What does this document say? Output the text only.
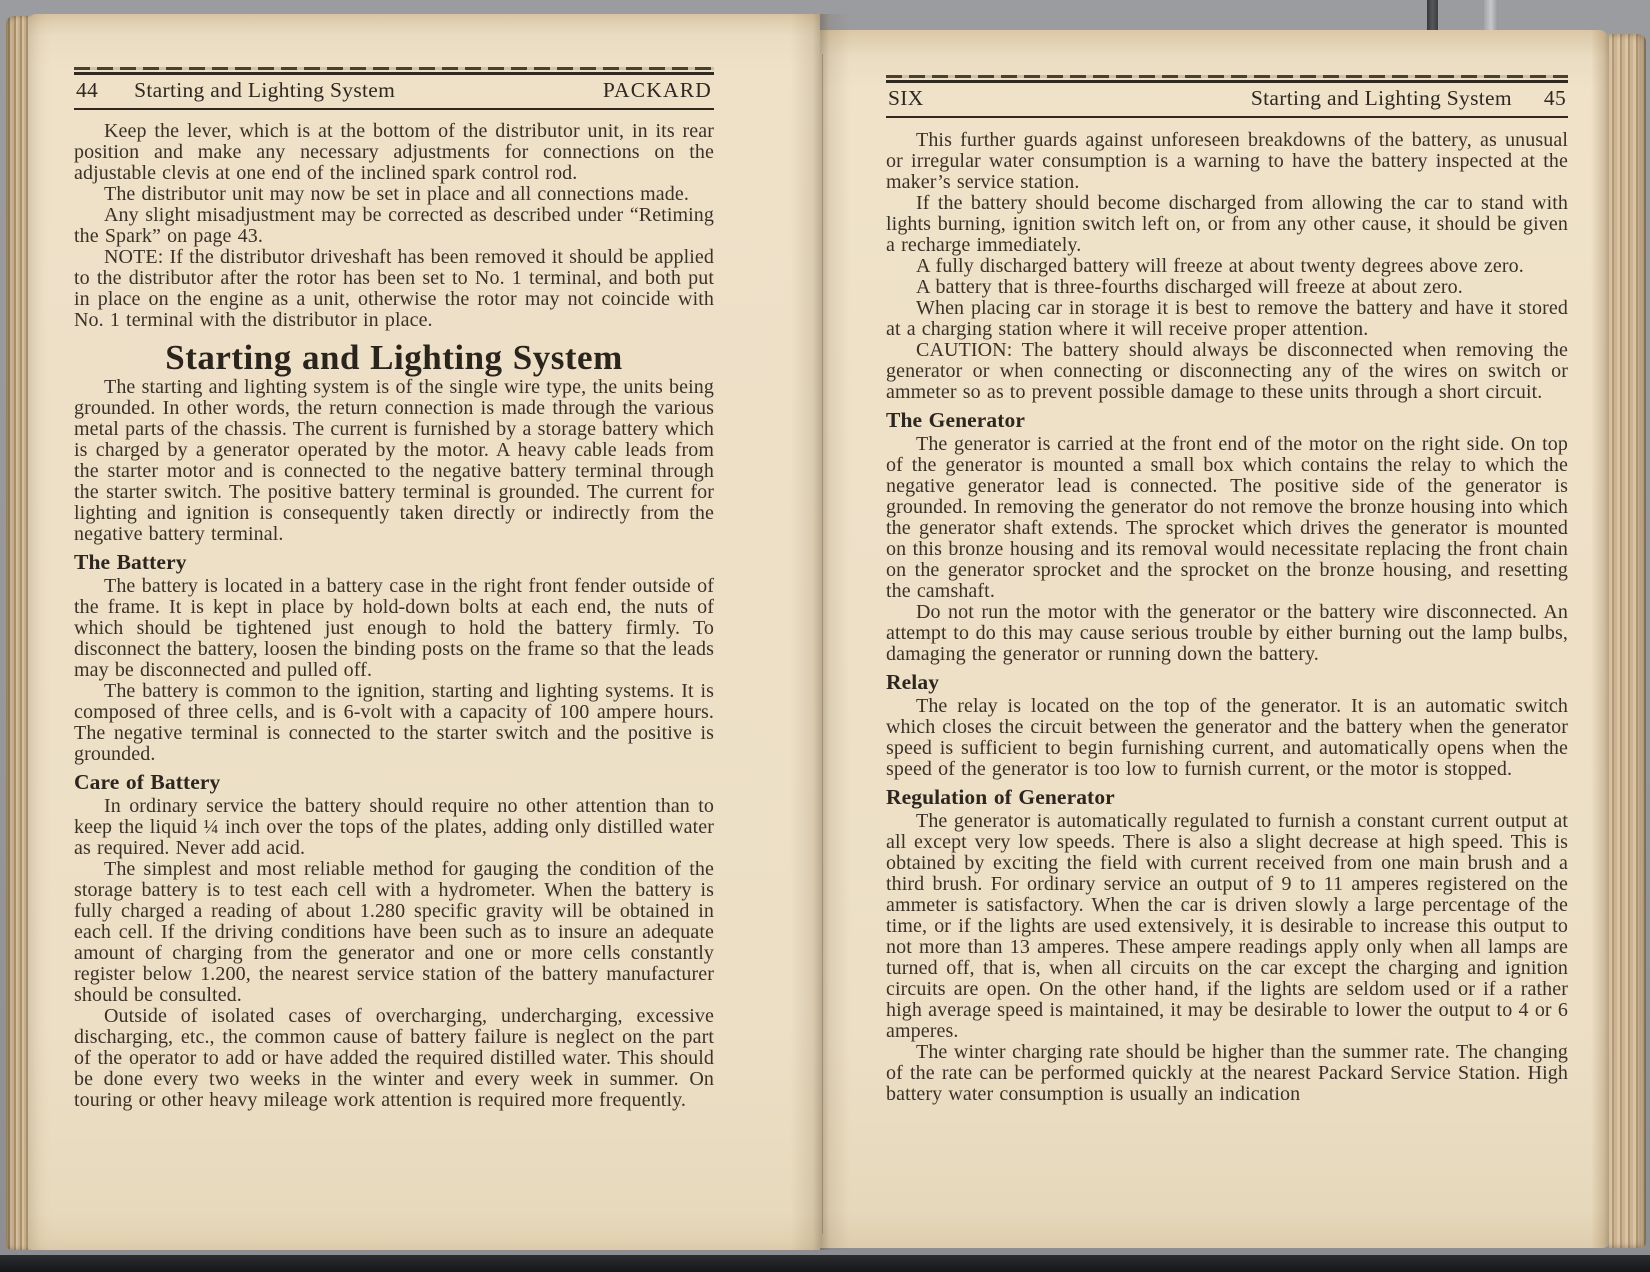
44 Starting and Lighting System	PACKARD	SIX	Starting and Lighting System 45

Keep the lever, which is at the bottom of the distributor unit, in its rear position and make any necessary adjustments for connections on the adjustable clevis at one end of the inclined spark control rod.

The distributor unit may now be set in place and all connections made.

Any slight misadjustment may be corrected as described under “Retiming the Spark” on page 43.

NOTE: If the distributor driveshaft has been removed it should be applied to the distributor after the rotor has been set to No. 1 terminal, and both put in place on the engine as a unit, otherwise the rotor may not coincide with No. 1 terminal with the distributor in place.

Starting and Lighting System

The starting and lighting system is of the single wire type, the units being grounded. In other words, the return connection is made through the various metal parts of the chassis. The current is furnished by a storage battery which is charged by a generator operated by the motor. A heavy cable leads from the starter motor and is connected to the negative battery terminal through the starter switch. The positive battery terminal is grounded. The current for lighting and ignition is consequently taken directly or indirectly from the negative battery terminal.

The Battery

The battery is located in a battery case in the right front fender outside of the frame. It is kept in place by hold-down bolts at each end, the nuts of which should be tightened just enough to hold the battery firmly. To disconnect the battery, loosen the binding posts on the frame so that the leads may be disconnected and pulled off.

The battery is common to the ignition, starting and lighting systems. It is composed of three cells, and is 6-volt with a capacity of 100 ampere hours. The negative terminal is connected to the starter switch and the positive is grounded.

Care of Battery

In ordinary service the battery should require no other attention than to keep the liquid ¼ inch over the tops of the plates, adding only distilled water as required. Never add acid.

The simplest and most reliable method for gauging the condition of the storage battery is to test each cell with a hydrometer. When the battery is fully charged a reading of about 1.280 specific gravity will be obtained in each cell. If the driving conditions have been such as to insure an adequate amount of charging from the generator and one or more cells constantly register below 1.200, the nearest service station of the battery manufacturer should be consulted.

Outside of isolated cases of overcharging, undercharging, excessive discharging, etc., the common cause of battery failure is neglect on the part of the operator to add or have added the required distilled water. This should be done every two weeks in the winter and every week in summer. On touring or other heavy mileage work attention is required more frequently.

This further guards against unforeseen breakdowns of the battery, as unusual or irregular water consumption is a warning to have the battery inspected at the maker’s service station.

If the battery should become discharged from allowing the car to stand with lights burning, ignition switch left on, or from any other cause, it should be given a recharge immediately.

A fully discharged battery will freeze at about twenty degrees above zero.

A battery that is three-fourths discharged will freeze at about zero.

When placing car in storage it is best to remove the battery and have it stored at a charging station where it will receive proper attention.

CAUTION: The battery should always be disconnected when removing the generator or when connecting or disconnecting any of the wires on switch or ammeter so as to prevent possible damage to these units through a short circuit.

The Generator

The generator is carried at the front end of the motor on the right side. On top of the generator is mounted a small box which contains the relay to which the negative generator lead is connected. The positive side of the generator is grounded. In removing the generator do not remove the bronze housing into which the generator shaft extends. The sprocket which drives the generator is mounted on this bronze housing and its removal would necessitate replacing the front chain on the generator sprocket and the sprocket on the bronze housing, and resetting the camshaft.

Do not run the motor with the generator or the battery wire disconnected. An attempt to do this may cause serious trouble by either burning out the lamp bulbs, damaging the generator or running down the battery.

Relay

The relay is located on the top of the generator. It is an automatic switch which closes the circuit between the generator and the battery when the generator speed is sufficient to begin furnishing current, and automatically opens when the speed of the generator is too low to furnish current, or the motor is stopped.

Regulation of Generator

The generator is automatically regulated to furnish a constant current output at all except very low speeds. There is also a slight decrease at high speed. This is obtained by exciting the field with current received from one main brush and a third brush. For ordinary service an output of 9 to 11 amperes registered on the ammeter is satisfactory. When the car is driven slowly a large percentage of the time, or if the lights are used extensively, it is desirable to increase this output to not more than 13 amperes. These ampere readings apply only when all lamps are turned off, that is, when all circuits on the car except the charging and ignition circuits are open. On the other hand, if the lights are seldom used or if a rather high average speed is maintained, it may be desirable to lower the output to 4 or 6 amperes.

The winter charging rate should be higher than the summer rate. The changing of the rate can be performed quickly at the nearest Packard Service Station. High battery water consumption is usually an indication
